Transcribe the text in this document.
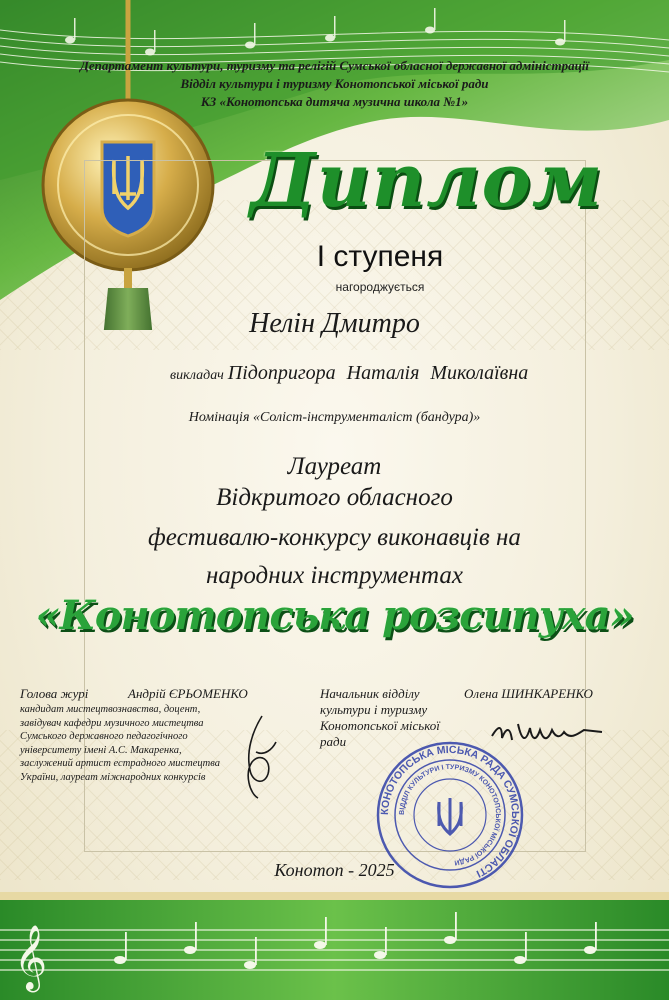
𝄞
Департамент культури, туризму та релігій Сумської обласної державної адміністрації
Відділ культури і туризму Конотопської міської ради
КЗ «Конотопська дитяча музична школа №1»
Диплом
І ступеня
нагороджується
Нелін Дмитро
викладач Підопригора Наталія Миколаївна
Номінація «Соліст-інструменталіст (бандура)»
Лауреат
Відкритого обласного
фестивалю-конкурсу виконавців на
народних інструментах
«Конотопська розсипуха»
Голова журі	Андрій ЄРЬОМЕНКО
кандидат мистецтвознавства, доцент,
завідувач кафедри музичного мистецтва
Сумського державного педагогічного
університету імені А.С. Макаренка,
заслужений артист естрадного мистецтва
України, лауреат міжнародних конкурсів
Начальник відділу
культури і туризму
Конотопської міської
ради
Олена ШИНКАРЕНКО
КОНОТОПСЬКА МІСЬКА РАДА СУМСЬКОЇ ОБЛАСТІ
ВІДДІЛ КУЛЬТУРИ І ТУРИЗМУ КОНОТОПСЬКОЇ МІСЬКОЇ РАДИ
Конотоп - 2025
